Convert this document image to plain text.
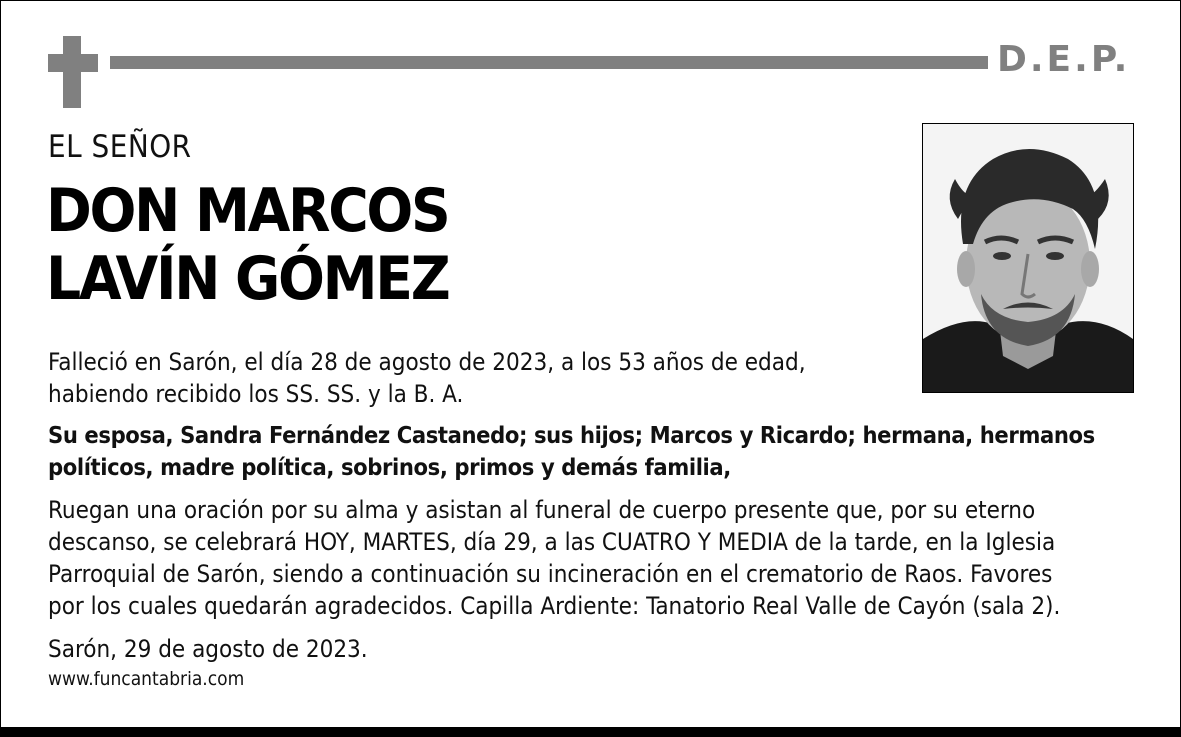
D.E.P.
EL SEÑOR
DON MARCOS
LAVÍN GÓMEZ
Falleció en Sarón, el día 28 de agosto de 2023, a los 53 años de edad,
habiendo recibido los SS. SS. y la B. A.
Su esposa, Sandra Fernández Castanedo; sus hijos; Marcos y Ricardo; hermana, hermanos
políticos, madre política, sobrinos, primos y demás familia,
Ruegan una oración por su alma y asistan al funeral de cuerpo presente que, por su eterno
descanso, se celebrará HOY, MARTES, día 29, a las CUATRO Y MEDIA de la tarde, en la Iglesia
Parroquial de Sarón, siendo a continuación su incineración en el crematorio de Raos. Favores
por los cuales quedarán agradecidos. Capilla Ardiente: Tanatorio Real Valle de Cayón (sala 2).
Sarón, 29 de agosto de 2023.
www.funcantabria.com
